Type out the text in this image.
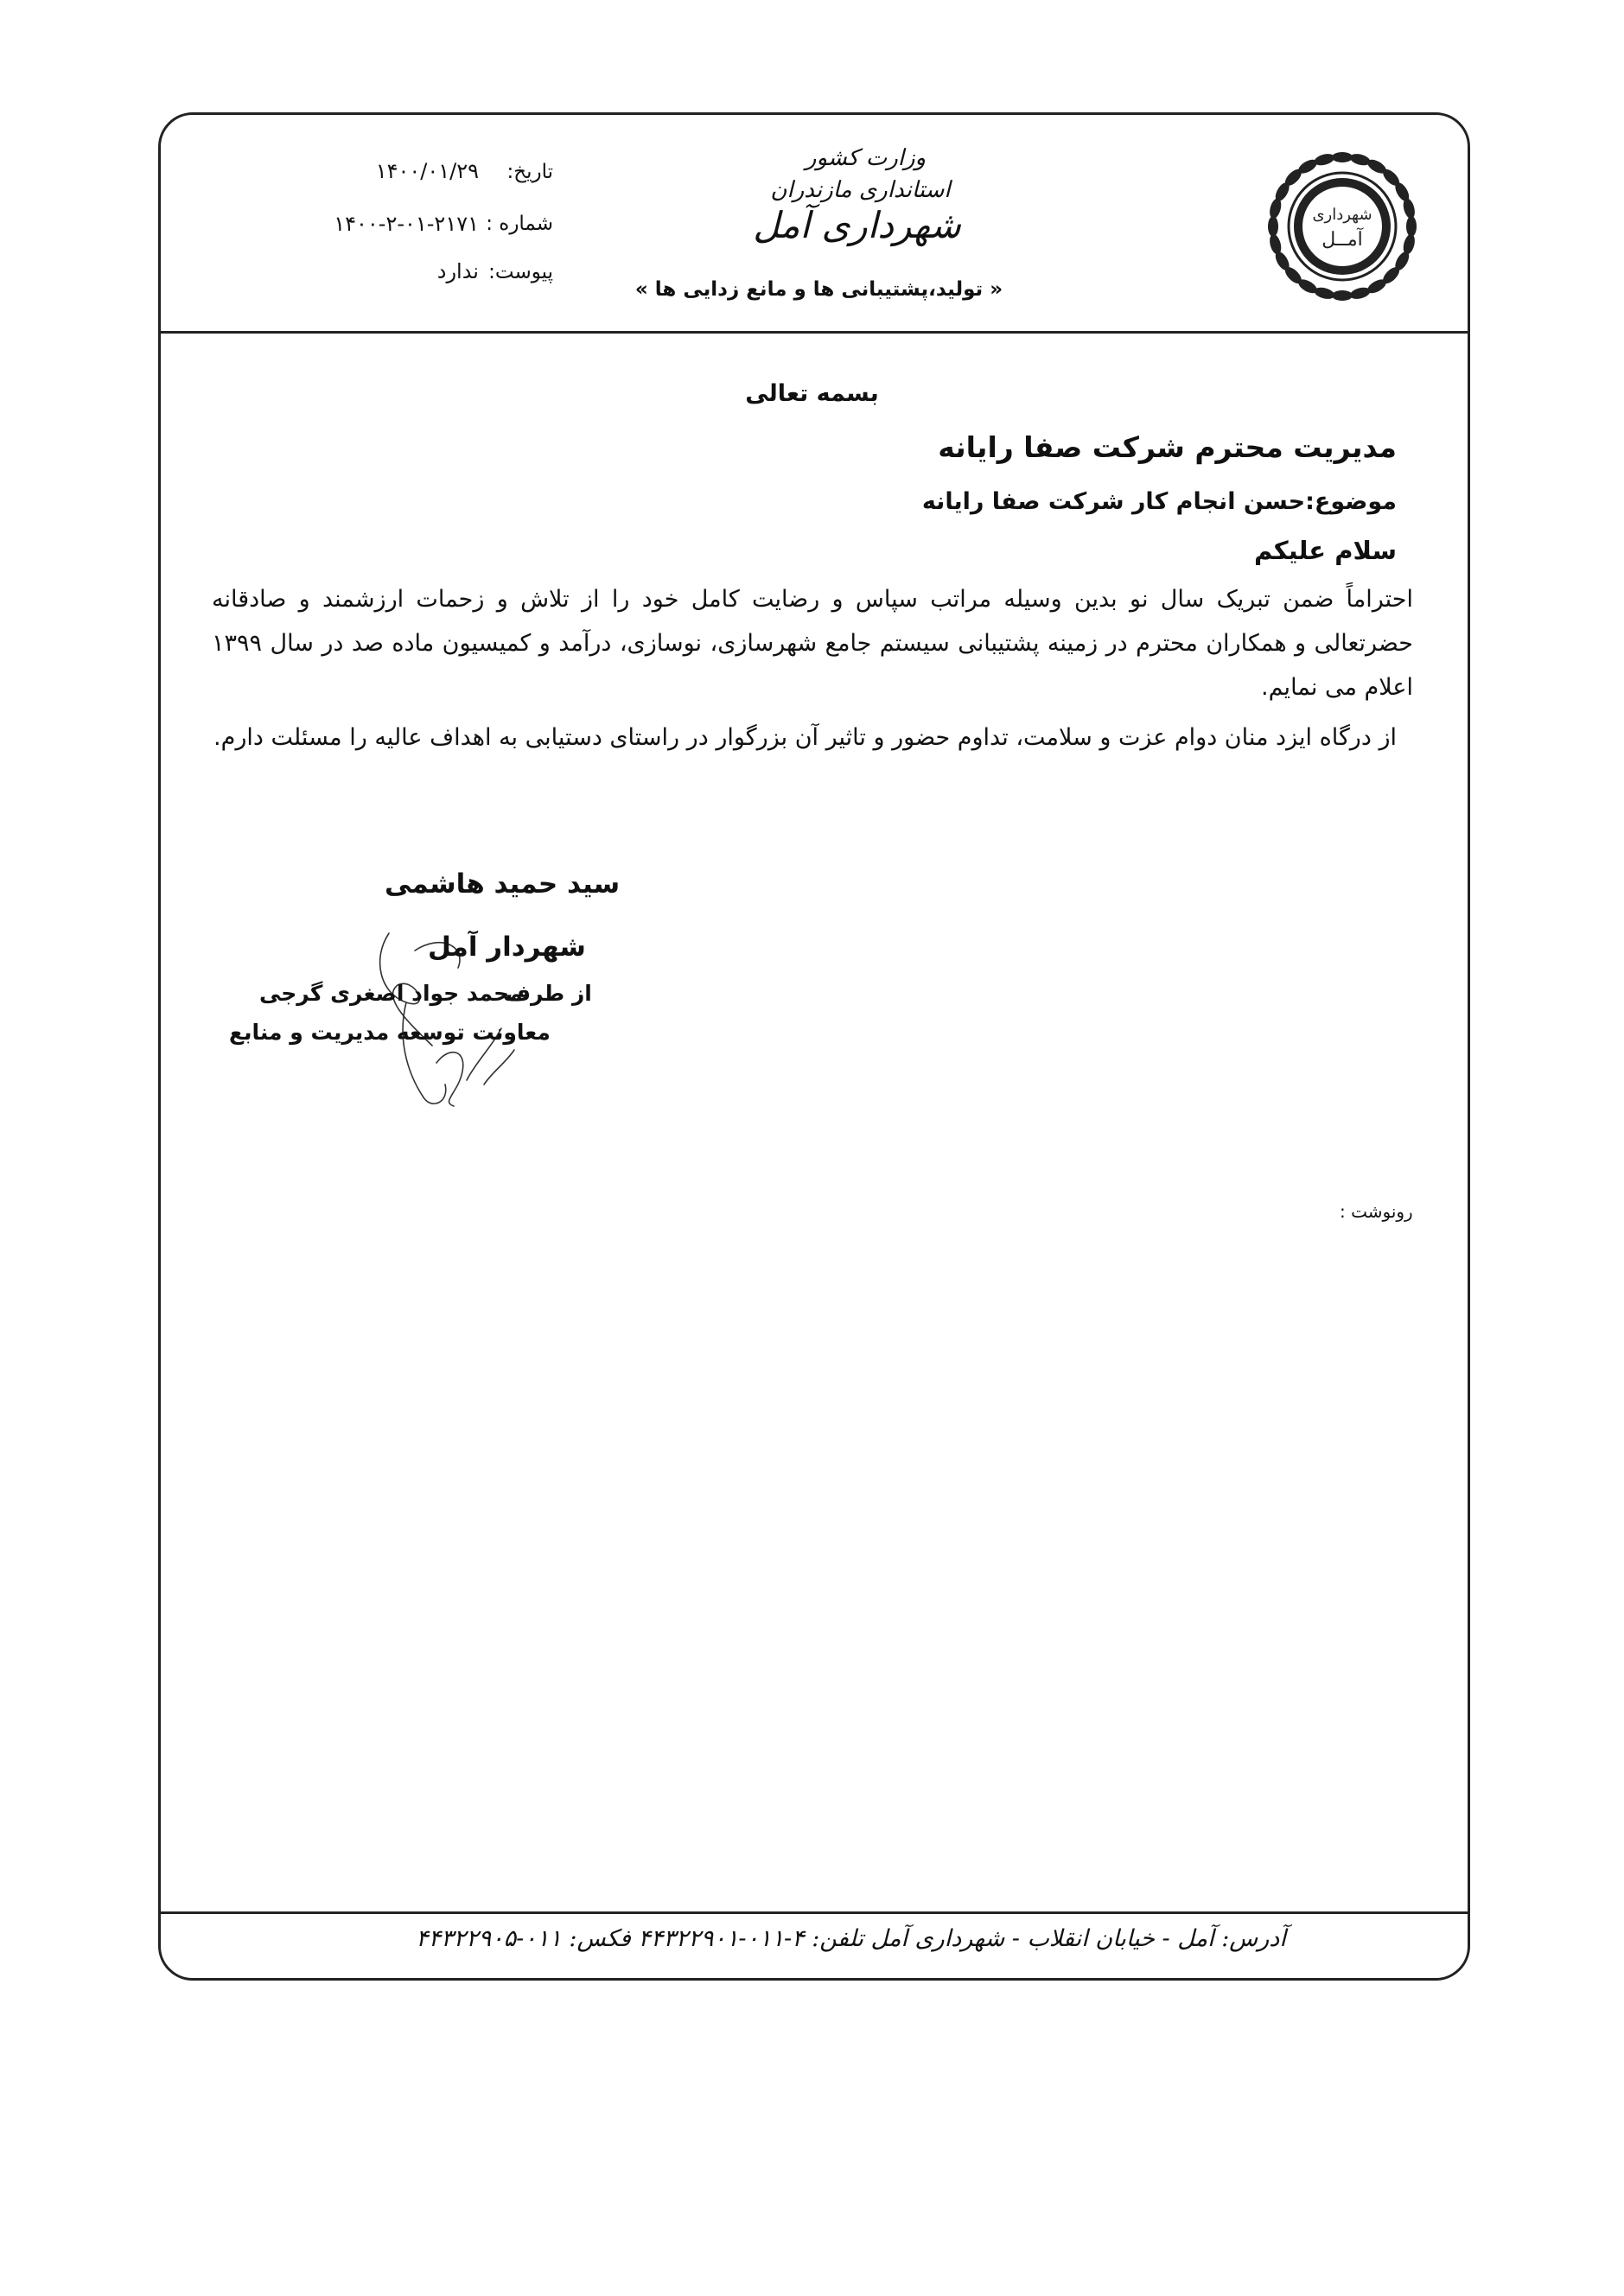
شهرداری
آمــل
وزارت کشور
استانداری مازندران
شهرداری آمل
« تولید،پشتیبانی ها و مانع زدایی ها »
تاریخ:
۱۴۰۰/۰۱/۲۹
شماره :
۱۴۰۰-۲-۰۱-۲۱۷۱
پیوست:
ندارد
بسمه تعالی
مدیریت محترم شرکت صفا رایانه
موضوع:حسن انجام کار شرکت صفا رایانه
سلام علیکم

احتراماً ضمن تبریک سال نو بدین وسیله مراتب سپاس و رضایت کامل خود را از تلاش و زحمات ارزشمند و صادقانه حضرتعالی و همکاران محترم در زمینه پشتیبانی سیستم جامع شهرسازی، نوسازی، درآمد و کمیسیون ماده صد در سال ۱۳۹۹ اعلام می نمایم.

از درگاه ایزد منان دوام عزت و سلامت، تداوم حضور و تاثیر آن بزرگوار در راستای دستیابی به اهداف عالیه را مسئلت دارم.
سید حمید هاشمی
شهردار آمل
از طرف
محمد جواد اصغری گرجی
معاونت توسعه مدیریت و منابع
رونوشت :
آدرس: آمل - خیابان انقلاب - شهرداری آمل تلفن: ۴-۰۱۱-۴۴۳۲۲۹۰۱ فکس: ۰۱۱-۴۴۳۲۲۹۰۵
